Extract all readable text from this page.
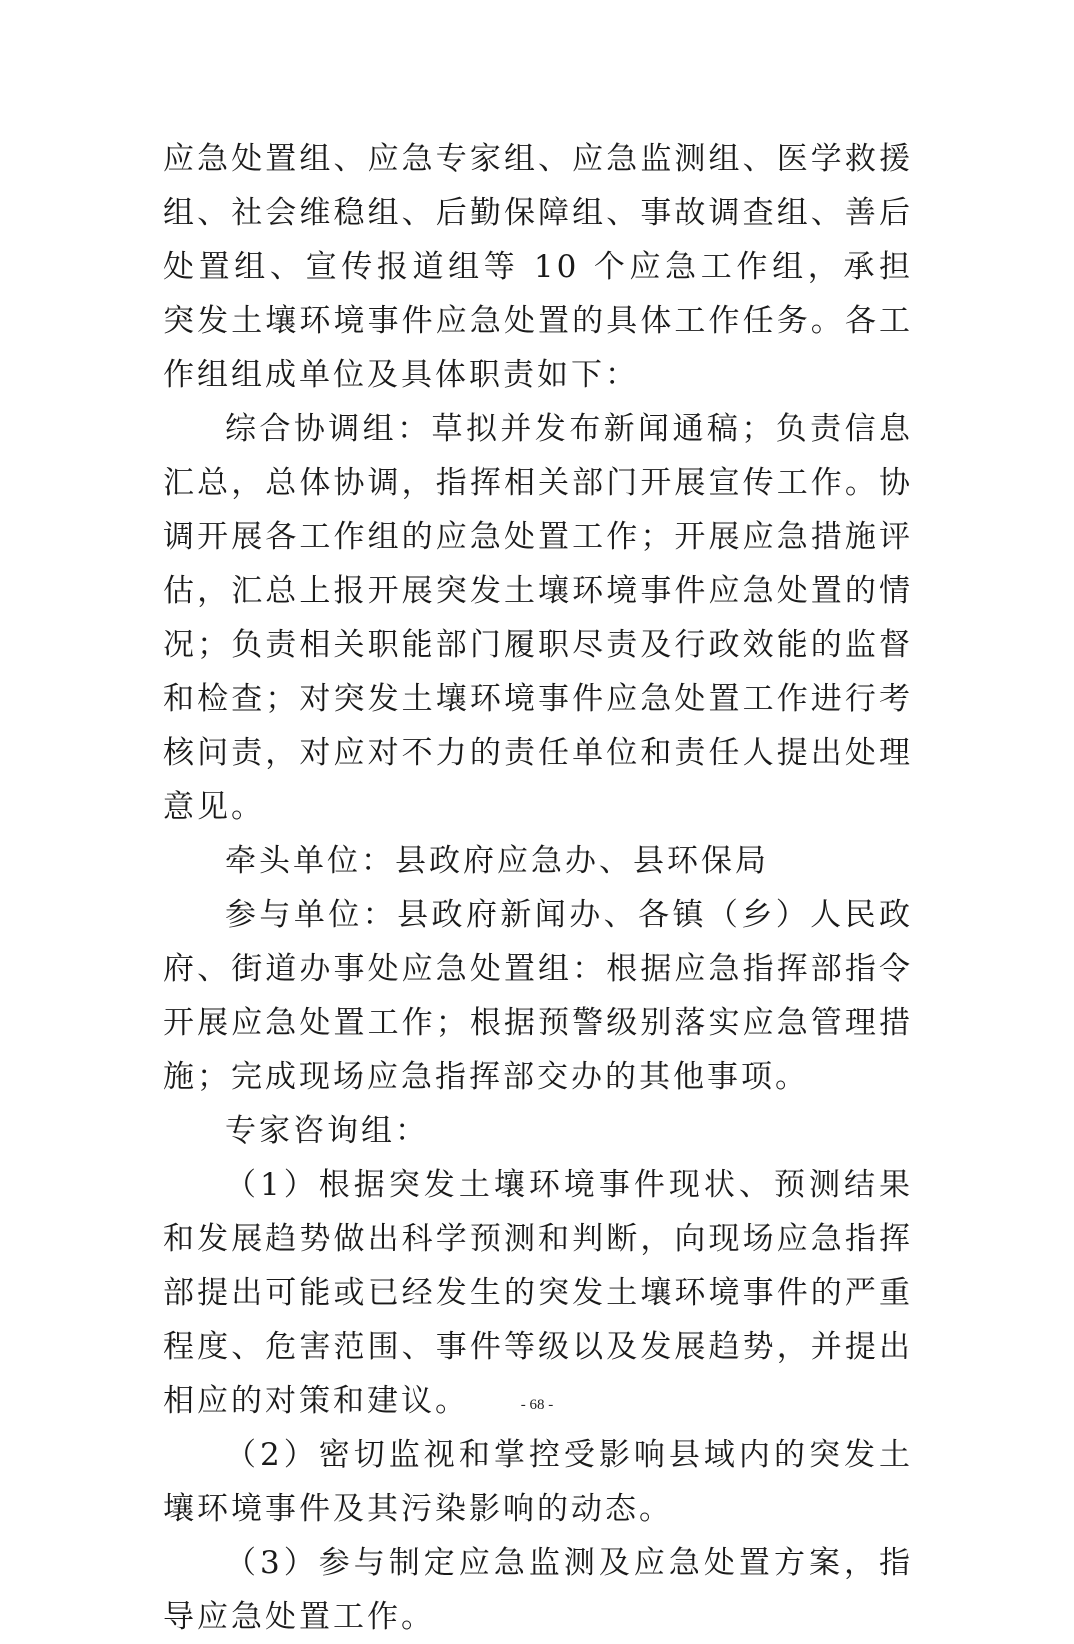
应急处置组、应急专家组、应急监测组、医学救援组、社会维稳组、后勤保障组、事故调查组、善后处置组、宣传报道组等 10 个应急工作组，承担突发土壤环境事件应急处置的具体工作任务。各工作组组成单位及具体职责如下：

综合协调组：草拟并发布新闻通稿；负责信息汇总，总体协调，指挥相关部门开展宣传工作。协调开展各工作组的应急处置工作；开展应急措施评估，汇总上报开展突发土壤环境事件应急处置的情况；负责相关职能部门履职尽责及行政效能的监督和检查；对突发土壤环境事件应急处置工作进行考核问责，对应对不力的责任单位和责任人提出处理意见。

牵头单位：县政府应急办、县环保局

参与单位：县政府新闻办、各镇（乡）人民政府、街道办事处应急处置组：根据应急指挥部指令开展应急处置工作；根据预警级别落实应急管理措施；完成现场应急指挥部交办的其他事项。

专家咨询组：

（1）根据突发土壤环境事件现状、预测结果和发展趋势做出科学预测和判断，向现场应急指挥部提出可能或已经发生的突发土壤环境事件的严重程度、危害范围、事件等级以及发展趋势，并提出相应的对策和建议。

（2）密切监视和掌控受影响县域内的突发土壤环境事件及其污染影响的动态。

（3）参与制定应急监测及应急处置方案，指导应急处置工作。

- 68 -
